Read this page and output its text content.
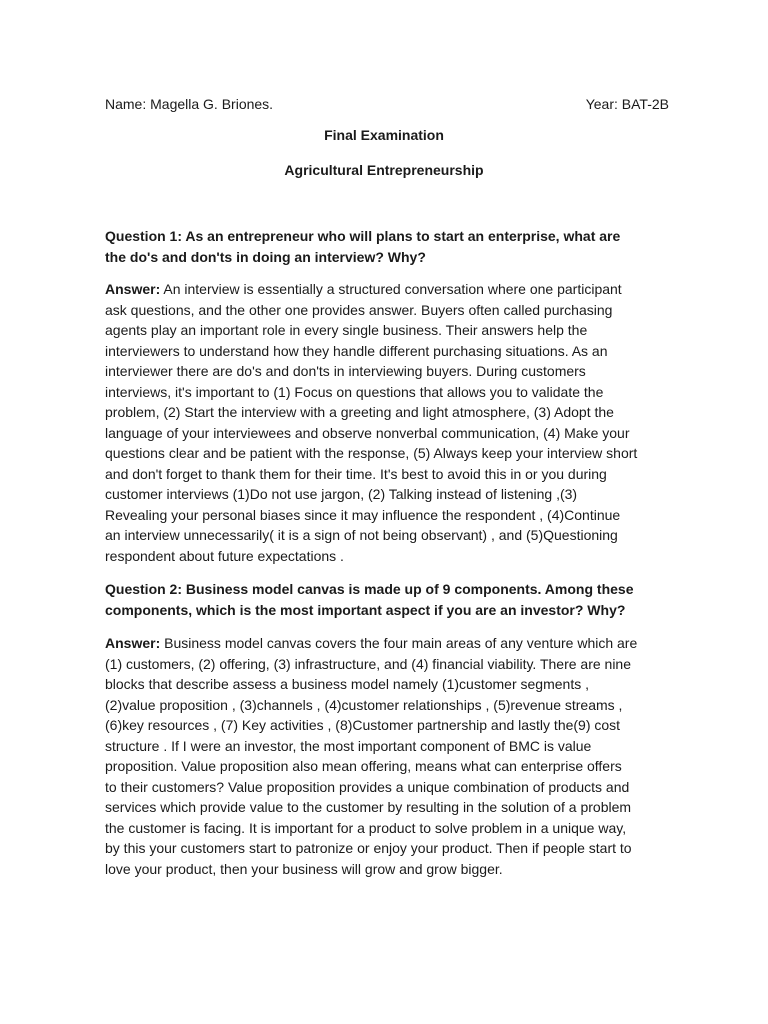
Name: Magella G. Briones.	Year: BAT-2B
Final Examination
Agricultural Entrepreneurship
Question 1: As an entrepreneur who will plans to start an enterprise, what are
the do's and don'ts in doing an interview? Why?
Answer: An interview is essentially a structured conversation where one participant
ask questions, and the other one provides answer. Buyers often called purchasing
agents play an important role in every single business. Their answers help the
interviewers to understand how they handle different purchasing situations. As an
interviewer there are do's and don'ts in interviewing buyers. During customers
interviews, it's important to (1) Focus on questions that allows you to validate the
problem, (2) Start the interview with a greeting and light atmosphere, (3) Adopt the
language of your interviewees and observe nonverbal communication, (4) Make your
questions clear and be patient with the response, (5) Always keep your interview short
and don't forget to thank them for their time. It's best to avoid this in or you during
customer interviews (1)Do not use jargon, (2) Talking instead of listening ,(3)
Revealing your personal biases since it may influence the respondent , (4)Continue
an interview unnecessarily( it is a sign of not being observant) , and (5)Questioning
respondent about future expectations .
Question 2: Business model canvas is made up of 9 components. Among these
components, which is the most important aspect if you are an investor? Why?
Answer: Business model canvas covers the four main areas of any venture which are
(1) customers, (2) offering, (3) infrastructure, and (4) financial viability. There are nine
blocks that describe assess a business model namely (1)customer segments ,
(2)value proposition , (3)channels , (4)customer relationships , (5)revenue streams ,
(6)key resources , (7) Key activities , (8)Customer partnership and lastly the(9) cost
structure . If I were an investor, the most important component of BMC is value
proposition. Value proposition also mean offering, means what can enterprise offers
to their customers? Value proposition provides a unique combination of products and
services which provide value to the customer by resulting in the solution of a problem
the customer is facing. It is important for a product to solve problem in a unique way,
by this your customers start to patronize or enjoy your product. Then if people start to
love your product, then your business will grow and grow bigger.
